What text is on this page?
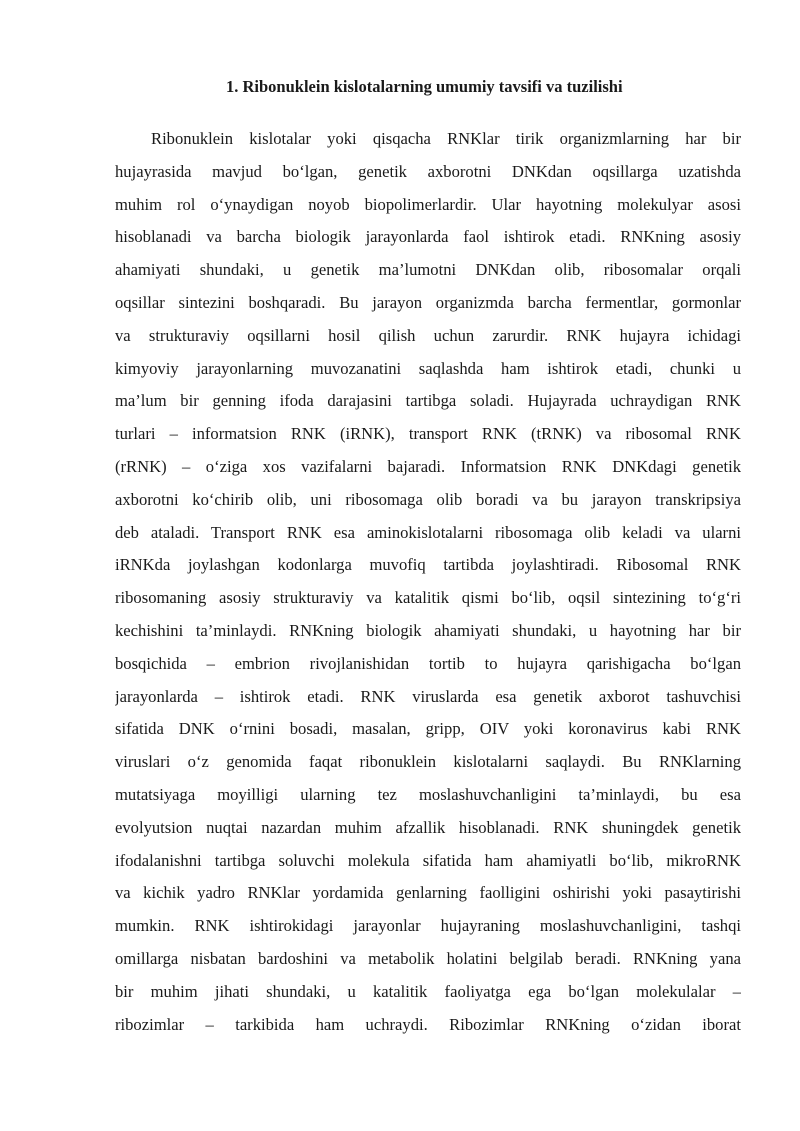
1. Ribonuklein kislotalarning umumiy tavsifi va tuzilishi
Ribonuklein kislotalar yoki qisqacha RNKlar tirik organizmlarning har bir
hujayrasida mavjud bo‘lgan, genetik axborotni DNKdan oqsillarga uzatishda
muhim rol o‘ynaydigan noyob biopolimerlardir. Ular hayotning molekulyar asosi
hisoblanadi va barcha biologik jarayonlarda faol ishtirok etadi. RNKning asosiy
ahamiyati shundaki, u genetik ma’lumotni DNKdan olib, ribosomalar orqali
oqsillar sintezini boshqaradi. Bu jarayon organizmda barcha fermentlar, gormonlar
va strukturaviy oqsillarni hosil qilish uchun zarurdir. RNK hujayra ichidagi
kimyoviy jarayonlarning muvozanatini saqlashda ham ishtirok etadi, chunki u
ma’lum bir genning ifoda darajasini tartibga soladi. Hujayrada uchraydigan RNK
turlari – informatsion RNK (iRNK), transport RNK (tRNK) va ribosomal RNK
(rRNK) – o‘ziga xos vazifalarni bajaradi. Informatsion RNK DNKdagi genetik
axborotni ko‘chirib olib, uni ribosomaga olib boradi va bu jarayon transkripsiya
deb ataladi. Transport RNK esa aminokislotalarni ribosomaga olib keladi va ularni
iRNKda joylashgan kodonlarga muvofiq tartibda joylashtiradi. Ribosomal RNK
ribosomaning asosiy strukturaviy va katalitik qismi bo‘lib, oqsil sintezining to‘g‘ri
kechishini ta’minlaydi. RNKning biologik ahamiyati shundaki, u hayotning har bir
bosqichida – embrion rivojlanishidan tortib to hujayra qarishigacha bo‘lgan
jarayonlarda – ishtirok etadi. RNK viruslarda esa genetik axborot tashuvchisi
sifatida DNK o‘rnini bosadi, masalan, gripp, OIV yoki koronavirus kabi RNK
viruslari o‘z genomida faqat ribonuklein kislotalarni saqlaydi. Bu RNKlarning
mutatsiyaga moyilligi ularning tez moslashuvchanligini ta’minlaydi, bu esa
evolyutsion nuqtai nazardan muhim afzallik hisoblanadi. RNK shuningdek genetik
ifodalanishni tartibga soluvchi molekula sifatida ham ahamiyatli bo‘lib, mikroRNK
va kichik yadro RNKlar yordamida genlarning faolligini oshirishi yoki pasaytirishi
mumkin. RNK ishtirokidagi jarayonlar hujayraning moslashuvchanligini, tashqi
omillarga nisbatan bardoshini va metabolik holatini belgilab beradi. RNKning yana
bir muhim jihati shundaki, u katalitik faoliyatga ega bo‘lgan molekulalar –
ribozimlar – tarkibida ham uchraydi. Ribozimlar RNKning o‘zidan iborat
